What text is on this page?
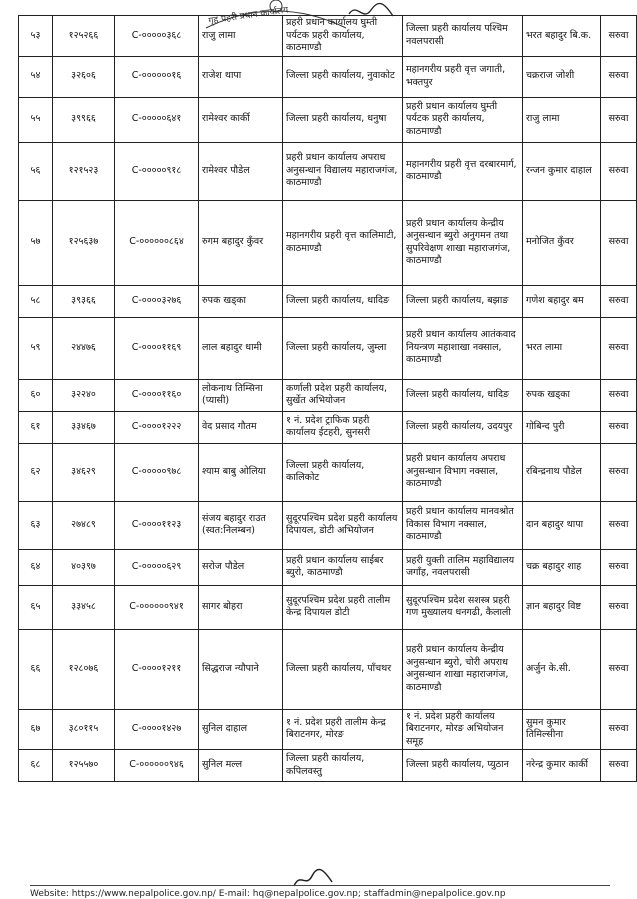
गृह प्रहरी प्रधान कार्यालय
५३	१२५२६६	C-०००००३६८	राजु लामा	प्रहरी प्रधान कार्यालय घुम्ती पर्यटक प्रहरी कार्यालय, काठमाण्डौ	जिल्ला प्रहरी कार्यालय पश्चिम नवलपरासी	भरत बहादुर बि.क.	सरुवा
५४	३२६०६	C-००००००१६	राजेश थापा	जिल्ला प्रहरी कार्यालय, नुवाकोट	महानगरीय प्रहरी वृत्त जगाती, भक्तपुर	चक्रराज जोशी	सरुवा
५५	३९९६६	C-०००००६४१	रामेश्वर कार्की	जिल्ला प्रहरी कार्यालय, धनुषा	प्रहरी प्रधान कार्यालय घुम्ती पर्यटक प्रहरी कार्यालय, काठमाण्डौ	राजु लामा	सरुवा
५६	१२१५२३	C-०००००९१८	रामेश्वर पौडेल	प्रहरी प्रधान कार्यालय अपराध अनुसन्धान विद्यालय महाराजगंज, काठमाण्डौ	महानगरीय प्रहरी वृत्त दरबारमार्ग, काठमाण्डौ	रन्जन कुमार दाहाल	सरुवा
५७	१२५६३७	C-००००००८६४	रुगम बहादुर कुँवर	महानगरीय प्रहरी वृत्त कालिमाटी, काठमाण्डौ	प्रहरी प्रधान कार्यालय केन्द्रीय अनुसन्धान ब्युरो अनुगमन तथा सुपरिवेक्षण शाखा महाराजगंज, काठमाण्डौ	मनोजित कुँवर	सरुवा
५८	३९३६६	C-००००३२७६	रुपक खड्का	जिल्ला प्रहरी कार्यालय, धादिङ	जिल्ला प्रहरी कार्यालय, बझाङ	गणेश बहादुर बम	सरुवा
५९	२४४७६	C-००००११६९	लाल बहादुर धामी	जिल्ला प्रहरी कार्यालय, जुम्ला	प्रहरी प्रधान कार्यालय आतंकवाद नियन्त्रण महाशाखा नक्साल, काठमाण्डौ	भरत लामा	सरुवा
६०	३२२४०	C-००००११६०	लोकनाथ तिम्सिना (प्यासी)	कर्णाली प्रदेश प्रहरी कार्यालय, सुर्खेत अभियोजन	जिल्ला प्रहरी कार्यालय, धादिङ	रुपक खड्का	सरुवा
६१	३३४६७	C-००००१२२२	वेद प्रसाद गौतम	१ नं. प्रदेश ट्राफिक प्रहरी कार्यालय ईटहरी, सुनसरी	जिल्ला प्रहरी कार्यालय, उदयपुर	गोबिन्द पुरी	सरुवा
६२	३४६२९	C-०००००९७८	श्याम बाबु ओलिया	जिल्ला प्रहरी कार्यालय, कालिकोट	प्रहरी प्रधान कार्यालय अपराध अनुसन्धान विभाग नक्साल, काठमाण्डौ	रबिन्द्रनाथ पौडेल	सरुवा
६३	२७४८९	C-००००११२३	संजय बहादुर राउत (स्वत:निलम्बन)	सुदूरपश्चिम प्रदेश प्रहरी कार्यालय दिपायल, डोटी अभियोजन	प्रहरी प्रधान कार्यालय मानवश्रोत विकास विभाग नक्साल, काठमाण्डौ	दान बहादुर थापा	सरुवा
६४	४०३९७	C-०००००६२९	सरोज पौडेल	प्रहरी प्रधान कार्यालय साईबर ब्युरो, काठमाण्डौ	प्रहरी युक्ती तालिम महाविद्यालय जगाँह, नवलपरासी	चक्र बहादुर शाह	सरुवा
६५	३३४५८	C-००००००९४१	सागर बोहरा	सुदूरपश्चिम प्रदेश प्रहरी तालीम केन्द्र दिपायल डोटी	सुदूरपश्चिम प्रदेश सशस्त्र प्रहरी गण मुख्यालय धनगढी, कैलाली	ज्ञान बहादुर विष्ट	सरुवा
६६	१२८०७६	C-००००१२११	सिद्धराज न्यौपाने	जिल्ला प्रहरी कार्यालय, पाँचथर	प्रहरी प्रधान कार्यालय केन्द्रीय अनुसन्धान ब्युरो, चोरी अपराध अनुसन्धान शाखा महाराजगंज, काठमाण्डौ	अर्जुन के.सी.	सरुवा
६७	३८०११५	C-००००१४२७	सुनिल दाहाल	१ नं. प्रदेश प्रहरी तालीम केन्द्र बिराटनगर, मोरङ	१ नं. प्रदेश प्रहरी कार्यालय बिराटनगर, मोरङ अभियोजन समूह	सुमन कुमार तिमिल्सीना	सरुवा
६८	१२५५७०	C-००००००९४६	सुनिल मल्ल	जिल्ला प्रहरी कार्यालय, कपिलवस्तु	जिल्ला प्रहरी कार्यालय, प्युठान	नरेन्द्र कुमार कार्की	सरुवा
Website: https://www.nepalpolice.gov.np/ E-mail: hq@nepalpolice.gov.np; staffadmin@nepalpolice.gov.np
